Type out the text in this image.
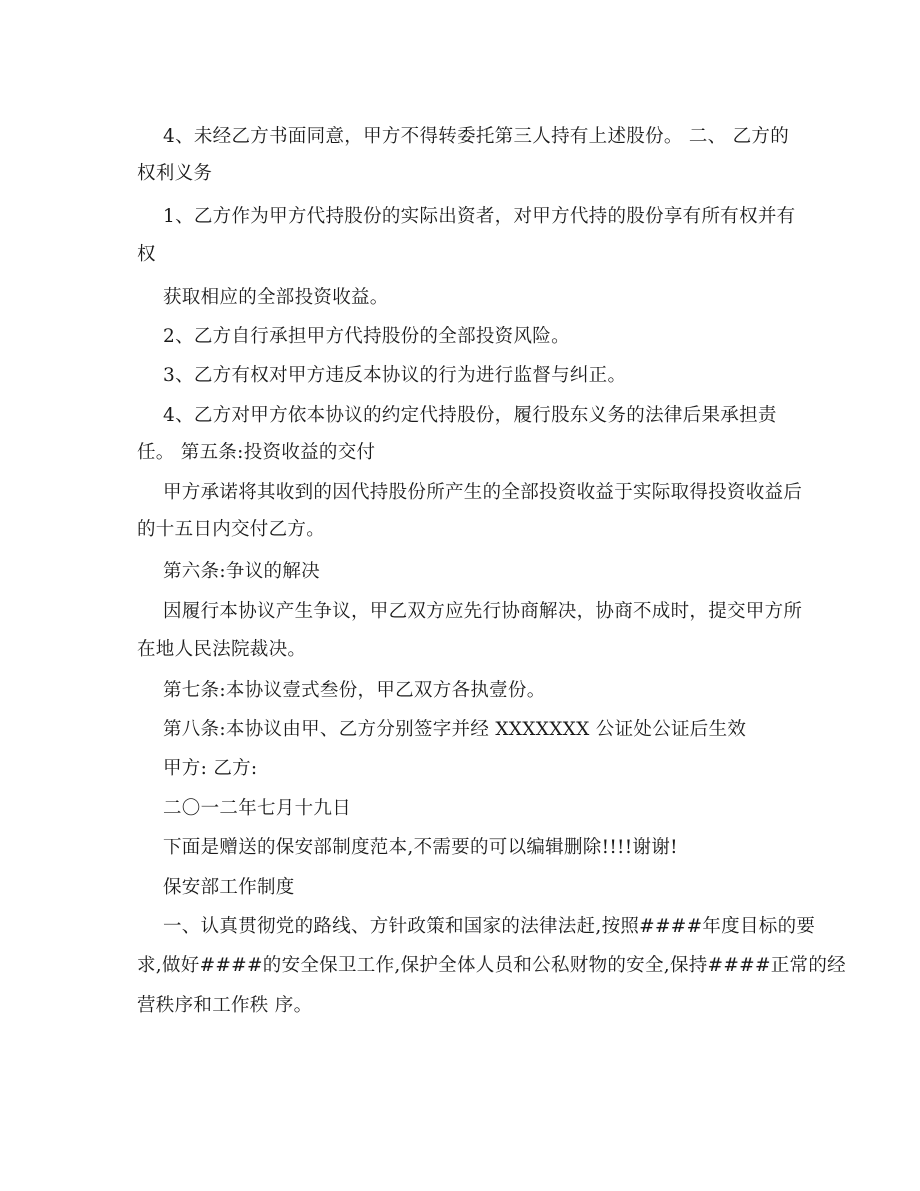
4、未经乙方书面同意，甲方不得转委托第三人持有上述股份。 二、 乙方的
权利义务
1、乙方作为甲方代持股份的实际出资者，对甲方代持的股份享有所有权并有
权
获取相应的全部投资收益。
2、乙方自行承担甲方代持股份的全部投资风险。
3、乙方有权对甲方违反本协议的行为进行监督与纠正。
4、乙方对甲方依本协议的约定代持股份，履行股东义务的法律后果承担责
任。 第五条:投资收益的交付
甲方承诺将其收到的因代持股份所产生的全部投资收益于实际取得投资收益后
的十五日内交付乙方。
第六条:争议的解决
因履行本协议产生争议，甲乙双方应先行协商解决，协商不成时，提交甲方所
在地人民法院裁决。
第七条:本协议壹式叁份，甲乙双方各执壹份。
第八条:本协议由甲、乙方分别签字并经 XXXXXXX 公证处公证后生效
甲方: 乙方:
二〇一二年七月十九日
下面是赠送的保安部制度范本,不需要的可以编辑删除!!!!谢谢!
保安部工作制度
一、认真贯彻党的路线、方针政策和国家的法律法赶,按照####年度目标的要
求,做好####的安全保卫工作,保护全体人员和公私财物的安全,保持####正常的经
营秩序和工作秩 序。
